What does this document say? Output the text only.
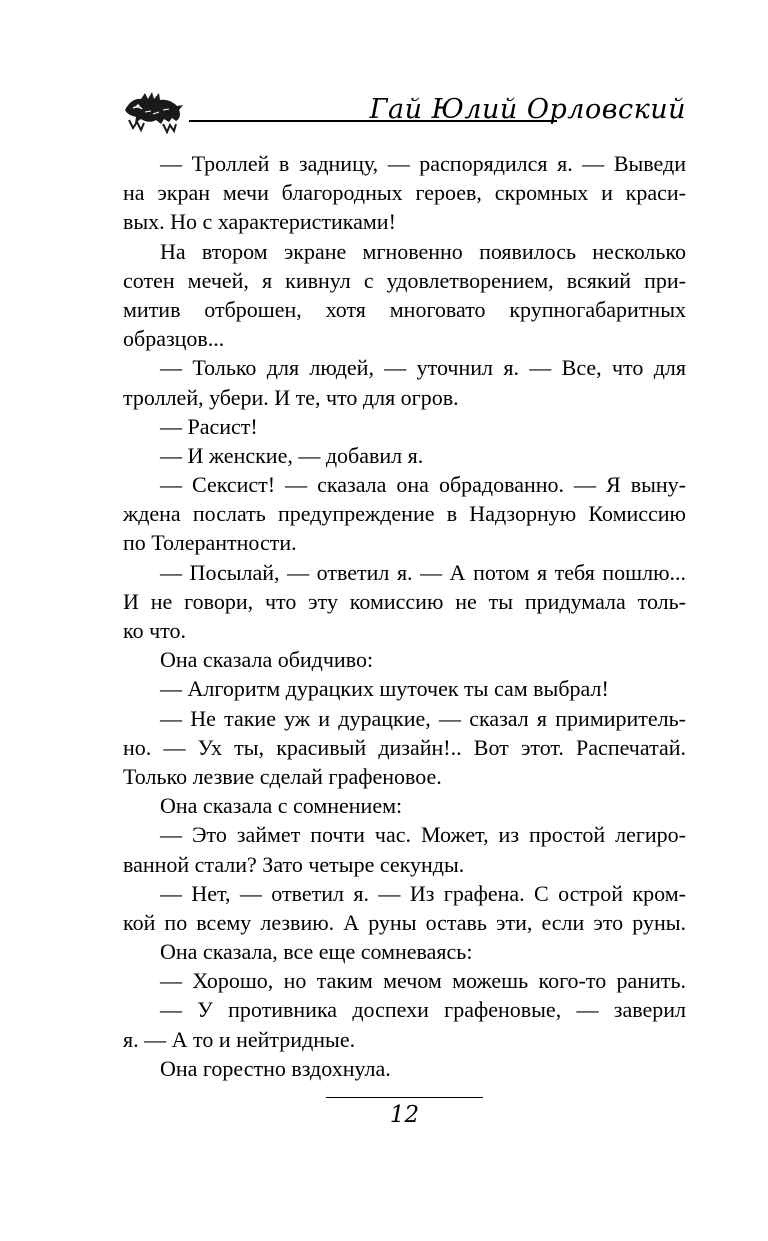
Гай Юлий Орловский
— Троллей в задницу, — распорядился я. — Выведи
на экран мечи благородных героев, скромных и краси-
вых. Но с характеристиками!
На втором экране мгновенно появилось несколько
сотен мечей, я кивнул с удовлетворением, всякий при-
митив отброшен, хотя многовато крупногабаритных
образцов...
— Только для людей, — уточнил я. — Все, что для
троллей, убери. И те, что для огров.
— Расист!
— И женские, — добавил я.
— Сексист! — сказала она обрадованно. — Я выну-
ждена послать предупреждение в Надзорную Комиссию
по Толерантности.
— Посылай, — ответил я. — А потом я тебя пошлю...
И не говори, что эту комиссию не ты придумала толь-
ко что.
Она сказала обидчиво:
— Алгоритм дурацких шуточек ты сам выбрал!
— Не такие уж и дурацкие, — сказал я примиритель-
но. — Ух ты, красивый дизайн!.. Вот этот. Распечатай.
Только лезвие сделай графеновое.
Она сказала с сомнением:
— Это займет почти час. Может, из простой легиро-
ванной стали? Зато четыре секунды.
— Нет, — ответил я. — Из графена. С острой кром-
кой по всему лезвию. А руны оставь эти, если это руны.
Она сказала, все еще сомневаясь:
— Хорошо, но таким мечом можешь кого-то ранить.
— У противника доспехи графеновые, — заверил
я. — А то и нейтридные.
Она горестно вздохнула.
12
